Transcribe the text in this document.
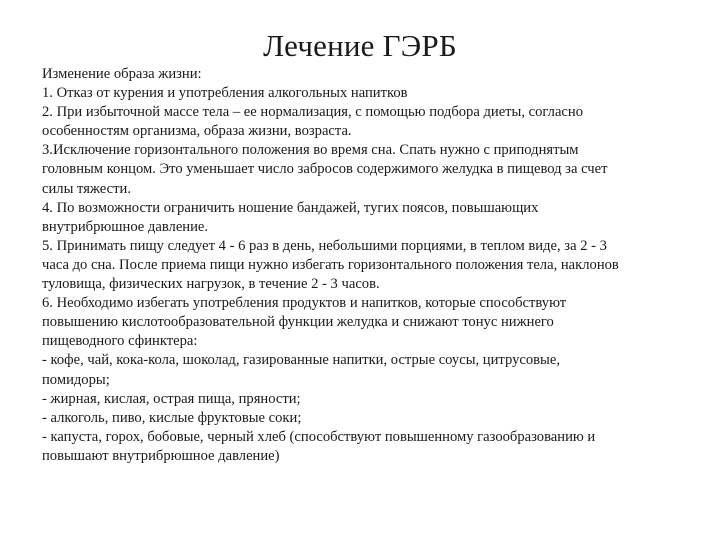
Лечение ГЭРБ
Изменение образа жизни:
1. Отказ от курения и употребления алкогольных напитков
2. При избыточной массе тела – ее нормализация, с помощью подбора диеты, согласно
особенностям организма, образа жизни, возраста.
3.Исключение горизонтального положения во время сна. Спать нужно с приподнятым
головным концом. Это уменьшает число забросов содержимого желудка в пищевод за счет
силы тяжести.
4. По возможности ограничить ношение бандажей, тугих поясов, повышающих
внутрибрюшное давление.
5. Принимать пищу следует 4 - 6 раз в день, небольшими порциями, в теплом виде, за 2 - 3
часа до сна. После приема пищи нужно избегать горизонтального положения тела, наклонов
туловища, физических нагрузок, в течение 2 - 3 часов.
6. Необходимо избегать употребления продуктов и напитков, которые способствуют
повышению кислотообразовательной функции желудка и снижают тонус нижнего
пищеводного сфинктера:
- кофе, чай, кока-кола, шоколад, газированные напитки, острые соусы, цитрусовые,
помидоры;
- жирная, кислая, острая пища, пряности;
- алкоголь, пиво, кислые фруктовые соки;
- капуста, горох, бобовые, черный хлеб (способствуют повышенному газообразованию и
повышают внутрибрюшное давление)
